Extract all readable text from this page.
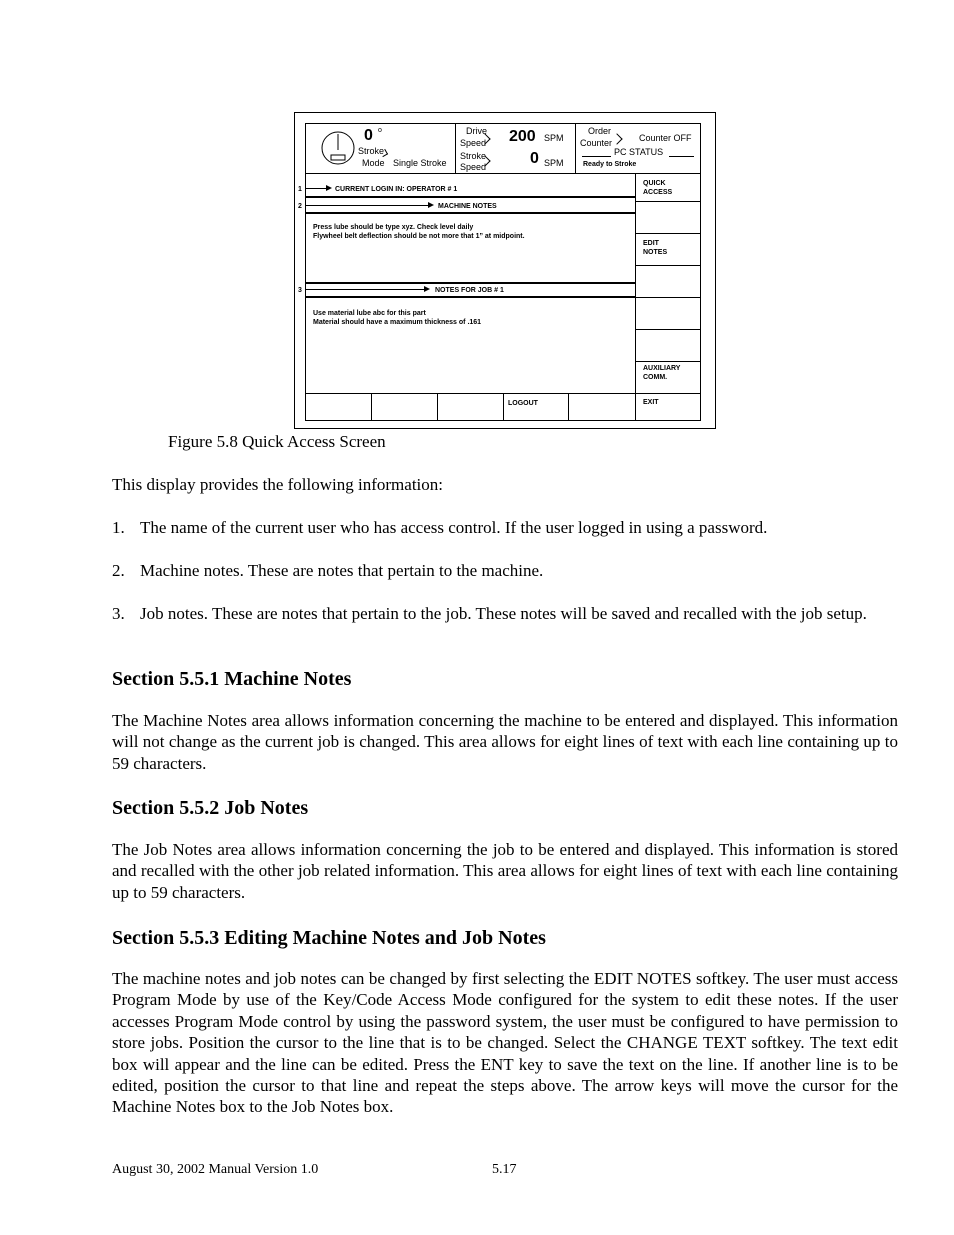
0 o
Stroke
Mode Single Stroke
Drive
Speed
Stroke
Speed
200 SPM
0 SPM
Order
Counter	Counter OFF
PC STATUS
Ready to Stroke
QUICK
ACCESS
EDIT
NOTES
AUXILIARY
COMM.
EXIT
1	CURRENT LOGIN IN: OPERATOR # 1
2	MACHINE NOTES
Press lube should be type xyz. Check level daily
Flywheel belt deflection should be not more that 1” at midpoint.
3	NOTES FOR JOB # 1
Use material lube abc for this part
Material should have a maximum thickness of .161
LOGOUT
Figure 5.8 Quick Access Screen
This display provides the following information:
1. The name of the current user who has access control. If the user logged in using a password.
2. Machine notes. These are notes that pertain to the machine.
3. Job notes. These are notes that pertain to the job. These notes will be saved and recalled with the job setup.
Section 5.5.1 Machine Notes
The Machine Notes area allows information concerning the machine to be entered and displayed. This information will not change as the current job is changed. This area allows for eight lines of text with each line containing up to 59 characters.
Section 5.5.2 Job Notes
The Job Notes area allows information concerning the job to be entered and displayed. This information is stored and recalled with the other job related information. This area allows for eight lines of text with each line containing up to 59 characters.
Section 5.5.3 Editing Machine Notes and Job Notes
The machine notes and job notes can be changed by first selecting the EDIT NOTES softkey. The user must access Program Mode by use of the Key/Code Access Mode configured for the system to edit these notes. If the user accesses Program Mode control by using the password system, the user must be configured to have permission to store jobs. Position the cursor to the line that is to be changed. Select the CHANGE TEXT softkey. The text edit box will appear and the line can be edited. Press the ENT key to save the text on the line. If another line is to be edited, position the cursor to that line and repeat the steps above. The arrow keys will move the cursor for the Machine Notes box to the Job Notes box.
August 30, 2002 Manual Version 1.0	5.17
